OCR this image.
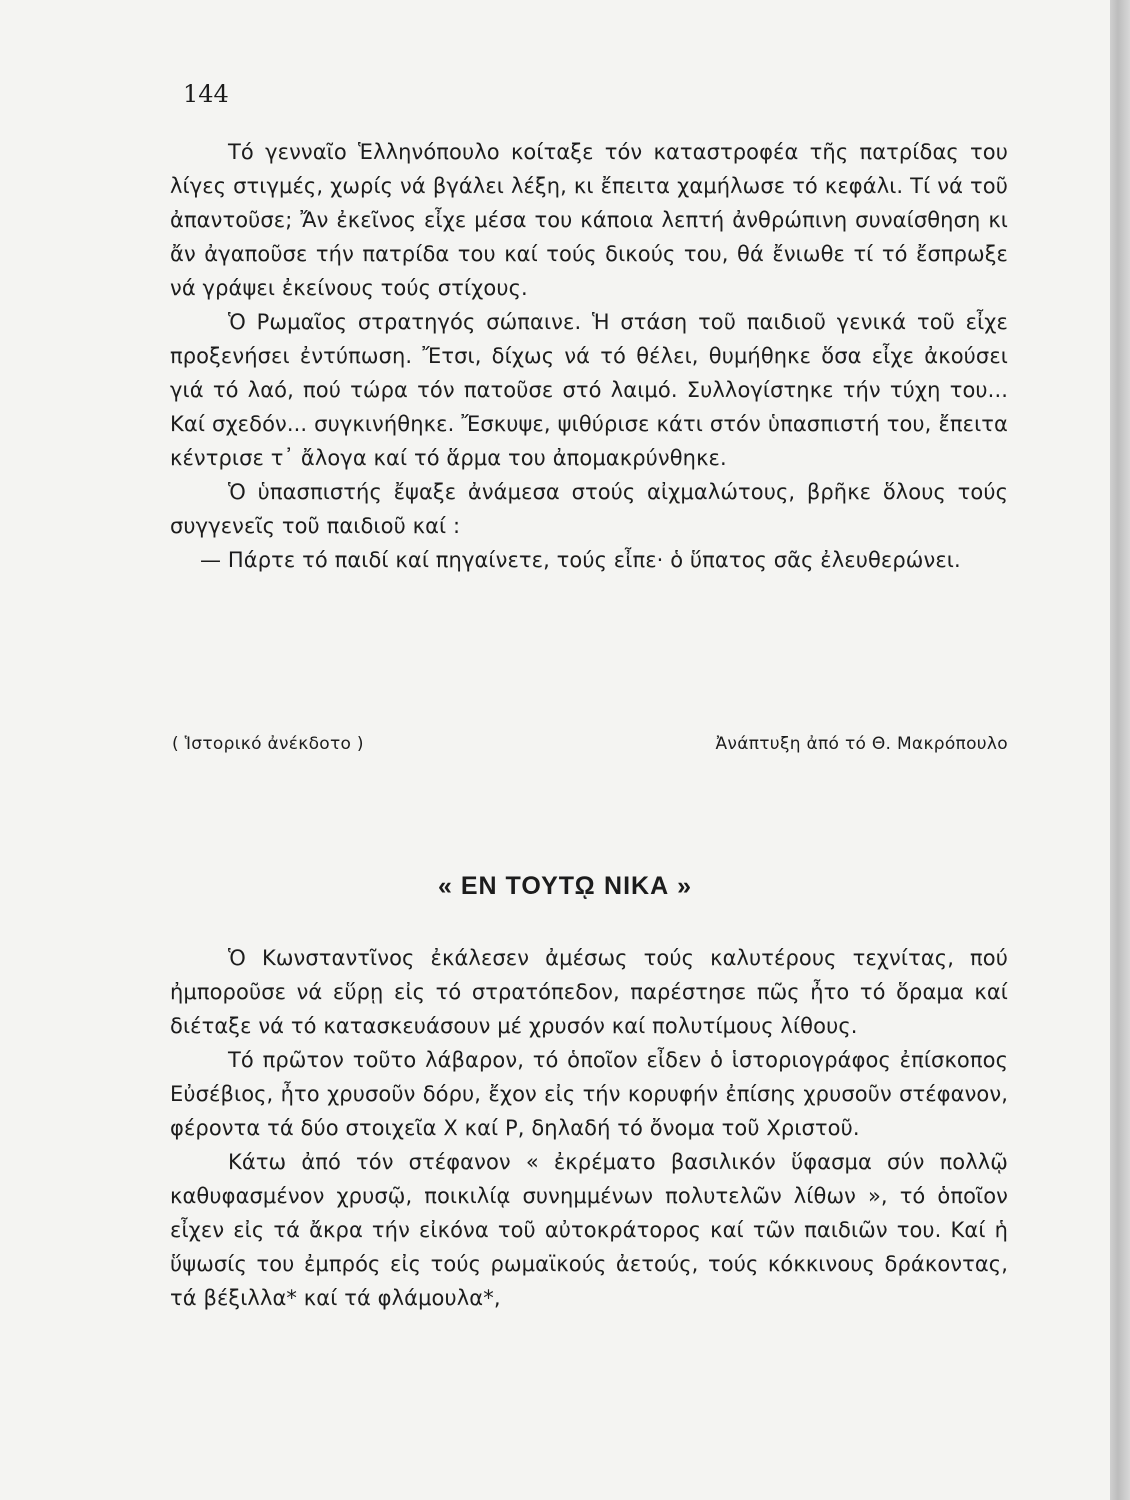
144

Τό γενναῖο Ἑλληνόπουλο κοίταξε τόν καταστροφέα τῆς πατρίδας του λίγες στιγμές, χωρίς νά βγάλει λέξη, κι ἔπειτα χαμήλωσε τό κεφάλι. Τί νά τοῦ ἀπαντοῦσε; Ἄν ἐκεῖνος εἶχε μέσα του κάποια λεπτή ἀνθρώπινη συναίσθηση κι ἄν ἀγαποῦσε τήν πατρίδα του καί τούς δικούς του, θά ἔνιωθε τί τό ἔσπρωξε νά γράψει ἐκείνους τούς στίχους.

Ὁ Ρωμαῖος στρατηγός σώπαινε. Ἡ στάση τοῦ παιδιοῦ γενικά τοῦ εἶχε προξενήσει ἐντύπωση. Ἔτσι, δίχως νά τό θέλει, θυμήθηκε ὅσα εἶχε ἀκούσει γιά τό λαό, πού τώρα τόν πατοῦσε στό λαιμό. Συλλογίστηκε τήν τύχη του... Καί σχεδόν... συγκινήθηκε. Ἔσκυψε, ψιθύρισε κάτι στόν ὑπασπιστή του, ἔπειτα κέντρισε τ᾽ ἄλογα καί τό ἅρμα του ἀπομακρύνθηκε.

Ὁ ὑπασπιστής ἔψαξε ἀνάμεσα στούς αἰχμαλώτους, βρῆκε ὅλους τούς συγγενεῖς τοῦ παιδιοῦ καί :

— Πάρτε τό παιδί καί πηγαίνετε, τούς εἶπε· ὁ ὕπατος σᾶς ἐλευθερώνει.

( Ἱστορικό ἀνέκδοτο )	Ἀνάπτυξη ἀπό τό Θ. Μακρόπουλο
« ΕΝ ΤΟΥΤῼ ΝΙΚΑ »

Ὁ Κωνσταντῖνος ἐκάλεσεν ἀμέσως τούς καλυτέρους τεχνίτας, πού ἠμποροῦσε νά εὕρῃ εἰς τό στρατόπεδον, παρέστησε πῶς ἦτο τό ὅραμα καί διέταξε νά τό κατασκευάσουν μέ χρυσόν καί πολυτίμους λίθους.

Τό πρῶτον τοῦτο λάβαρον, τό ὁποῖον εἶδεν ὁ ἱστοριογράφος ἐπίσκοπος Εὐσέβιος, ἦτο χρυσοῦν δόρυ, ἔχον εἰς τήν κορυφήν ἐπίσης χρυσοῦν στέφανον, φέροντα τά δύο στοιχεῖα Χ καί Ρ, δηλαδή τό ὄνομα τοῦ Χριστοῦ.

Κάτω ἀπό τόν στέφανον « ἐκρέματο βασιλικόν ὕφασμα σύν πολλῷ καθυφασμένον χρυσῷ, ποικιλίᾳ συνημμένων πολυτελῶν λίθων », τό ὁποῖον εἶχεν εἰς τά ἄκρα τήν εἰκόνα τοῦ αὐτοκράτορος καί τῶν παιδιῶν του. Καί ἡ ὕψωσίς του ἐμπρός εἰς τούς ρωμαϊκούς ἀετούς, τούς κόκκινους δράκοντας, τά βέξιλλα* καί τά φλάμουλα*,
